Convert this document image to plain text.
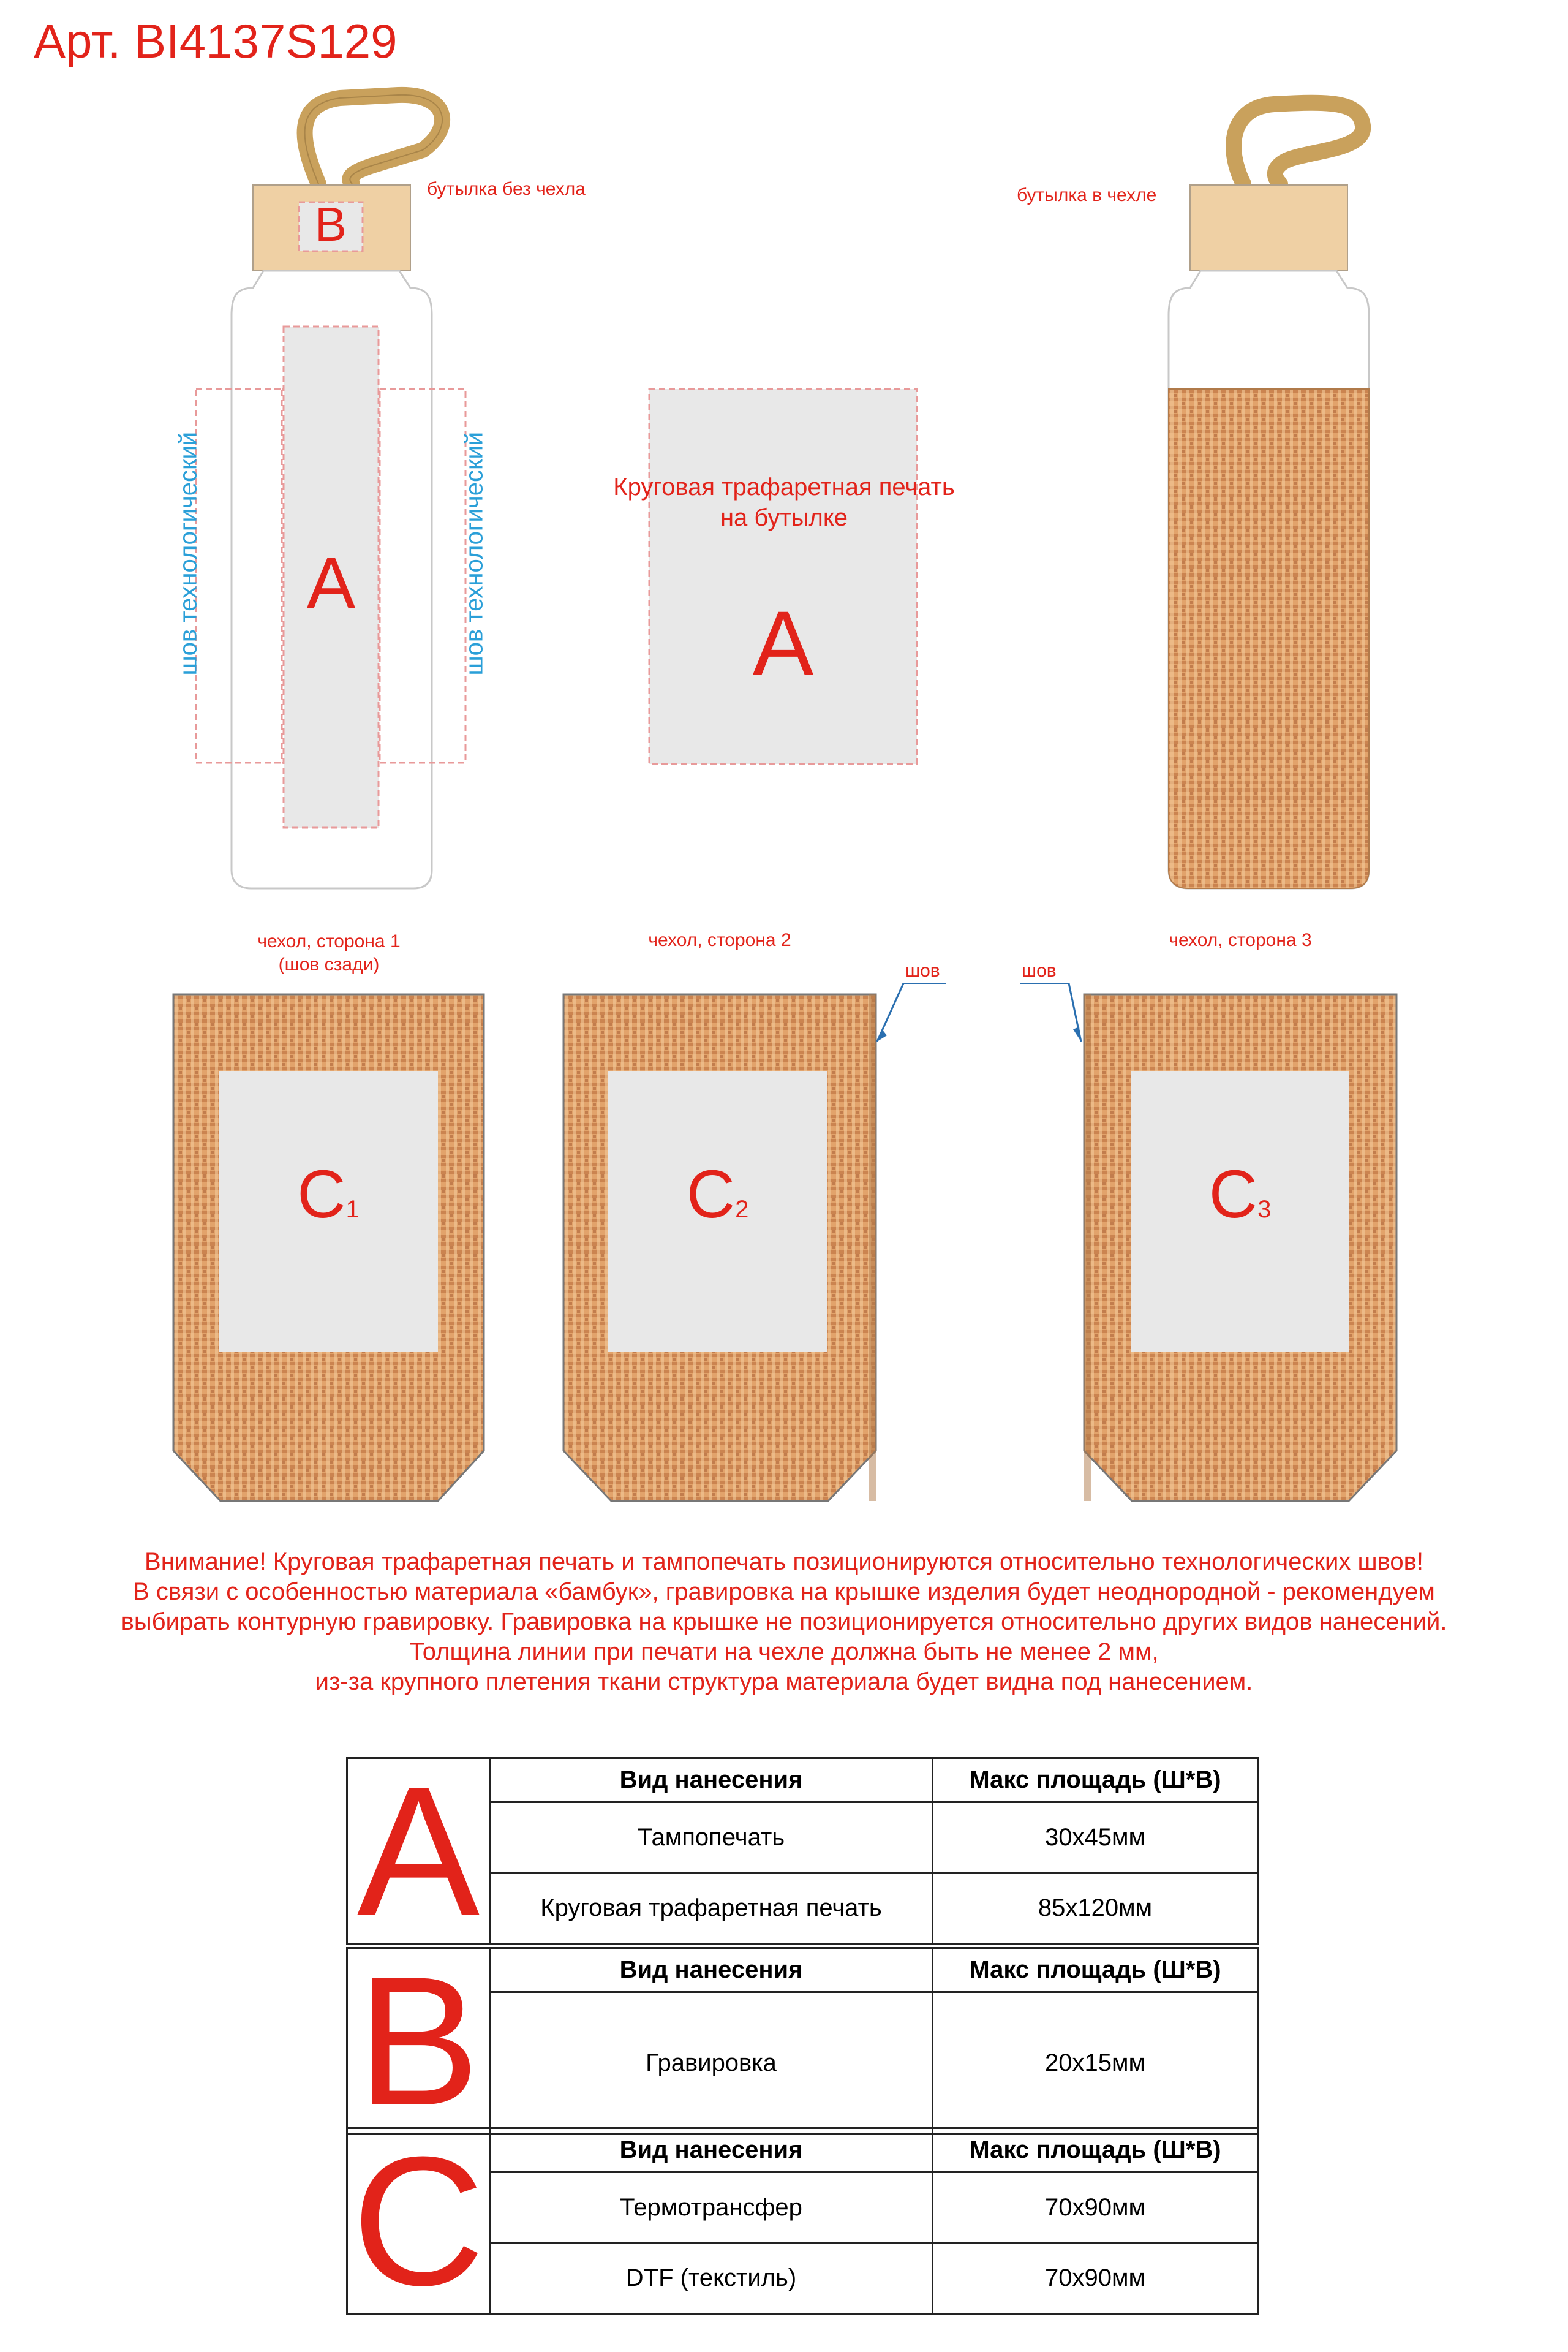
Арт. BI4137S129
B
A
шов технологический	шов технологический
бутылка без чехла	бутылка в чехле
Круговая трафаретная печать
на бутылке
A
чехол, сторона 1
(шов сзади)
чехол, сторона 2	чехол, сторона 3
шов	шов
C1	C2	C3
Внимание! Круговая трафаретная печать и тампопечать позиционируются относительно технологических швов!
В связи с особенностью материала «бамбук», гравировка на крышке изделия будет неоднородной - рекомендуем
выбирать контурную гравировку. Гравировка на крышке не позиционируется относительно других видов нанесений.
Толщина линии при печати на чехле должна быть не менее 2 мм,
из-за крупного плетения ткани структура материала будет видна под нанесением.
A	Вид нанесения	Макс площадь (Ш*В)
	Тампопечать	30х45мм
	Круговая трафаретная печать	85х120мм
B	Вид нанесения	Макс площадь (Ш*В)
	Гравировка	20х15мм
C	Вид нанесения	Макс площадь (Ш*В)
	Термотрансфер	70х90мм
	DTF (текстиль)	70х90мм
